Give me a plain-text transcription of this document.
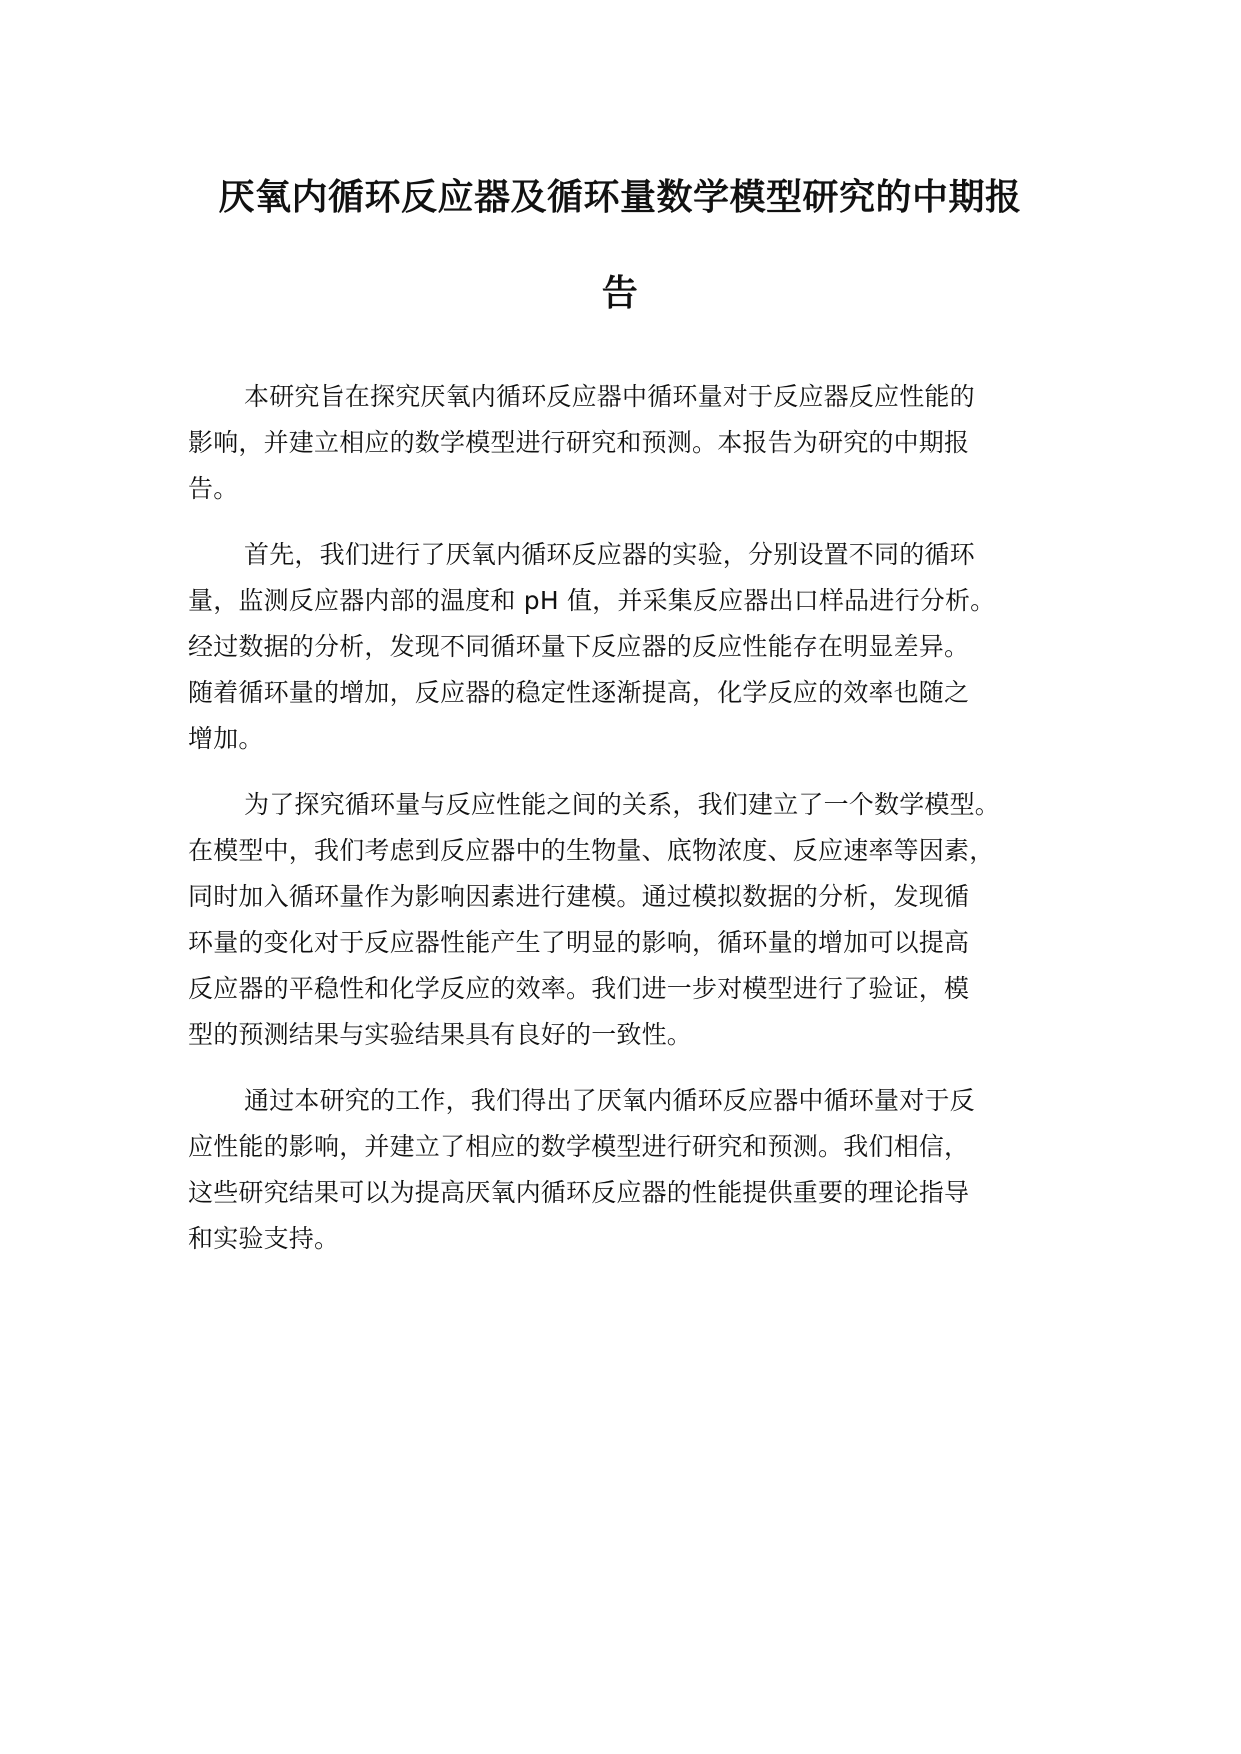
厌氧内循环反应器及循环量数学模型研究的中期报
告
本研究旨在探究厌氧内循环反应器中循环量对于反应器反应性能的
影响，并建立相应的数学模型进行研究和预测。本报告为研究的中期报
告。
首先，我们进行了厌氧内循环反应器的实验，分别设置不同的循环
量，监测反应器内部的温度和 pH 值，并采集反应器出口样品进行分析。
经过数据的分析，发现不同循环量下反应器的反应性能存在明显差异。
随着循环量的增加，反应器的稳定性逐渐提高，化学反应的效率也随之
增加。
为了探究循环量与反应性能之间的关系，我们建立了一个数学模型。
在模型中，我们考虑到反应器中的生物量、底物浓度、反应速率等因素，
同时加入循环量作为影响因素进行建模。通过模拟数据的分析，发现循
环量的变化对于反应器性能产生了明显的影响，循环量的增加可以提高
反应器的平稳性和化学反应的效率。我们进一步对模型进行了验证，模
型的预测结果与实验结果具有良好的一致性。
通过本研究的工作，我们得出了厌氧内循环反应器中循环量对于反
应性能的影响，并建立了相应的数学模型进行研究和预测。我们相信，
这些研究结果可以为提高厌氧内循环反应器的性能提供重要的理论指导
和实验支持。
